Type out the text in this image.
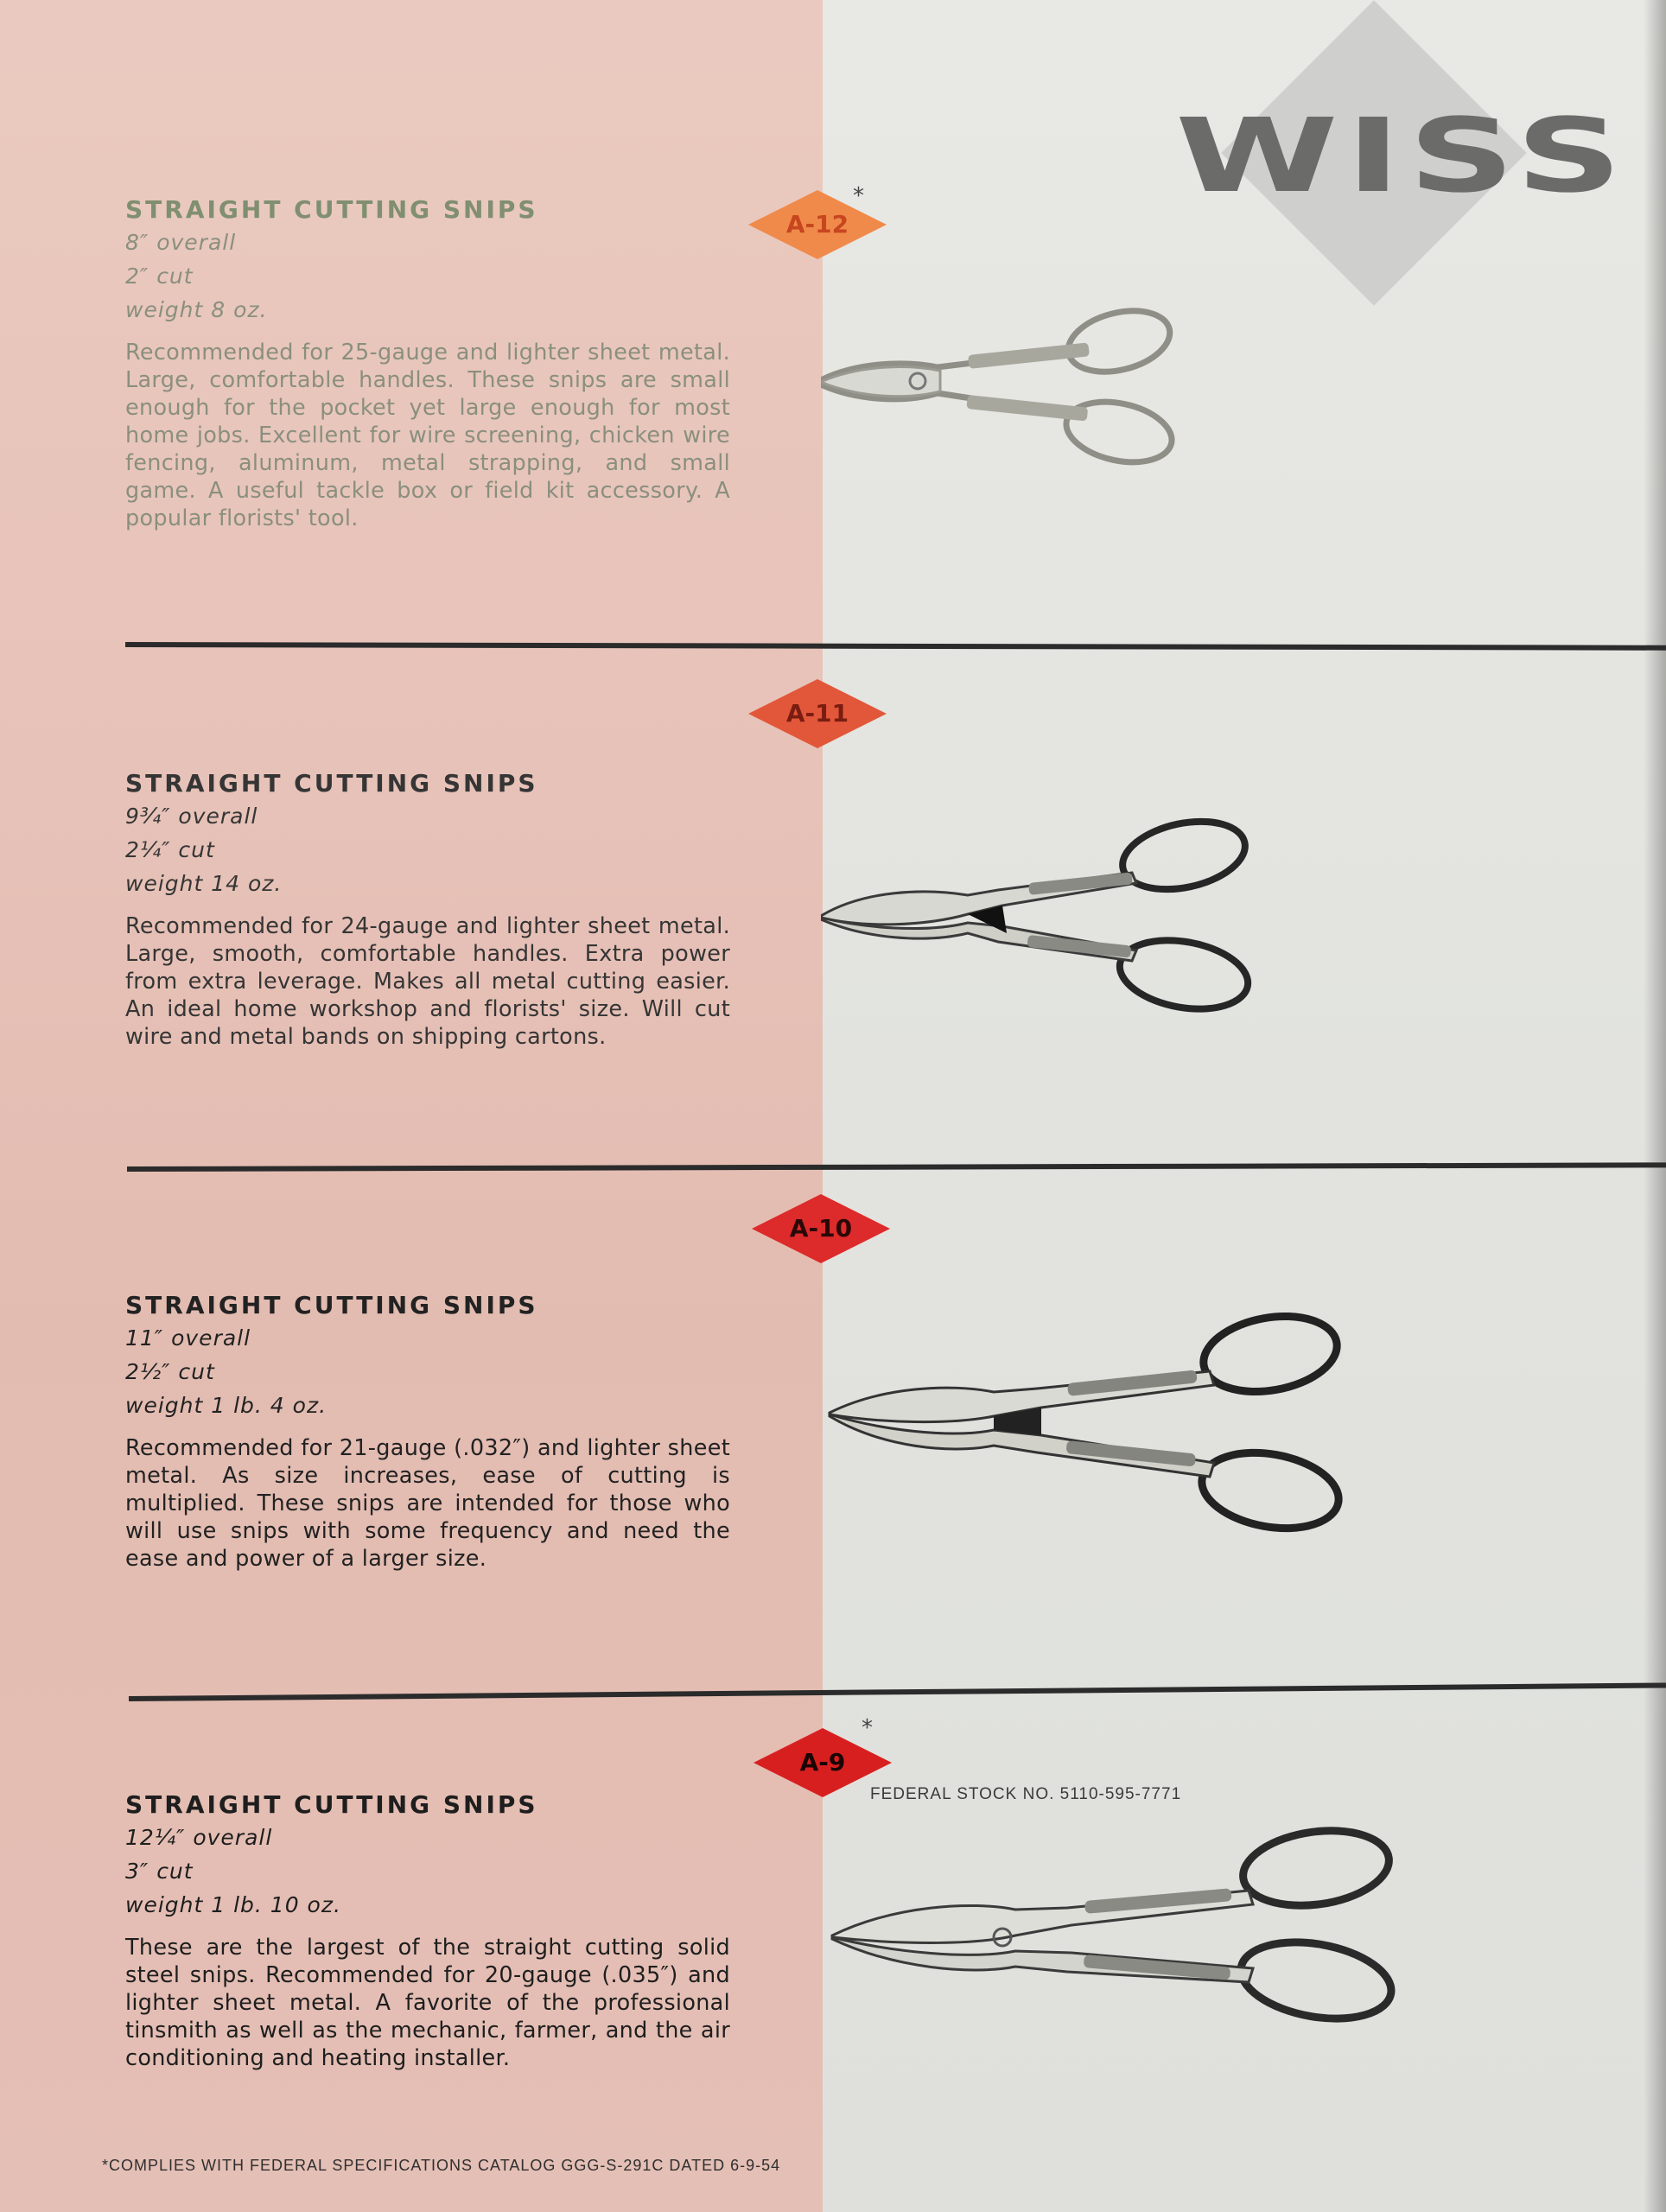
WISS
A-12
*
A-11
A-10
A-9
*
STRAIGHT CUTTING SNIPS
8″ overall
2″ cut
weight 8 oz.
Recommended for 25-gauge and lighter sheet metal. Large, comfortable handles. These snips are small enough for the pocket yet large enough for most home jobs. Excellent for wire screening, chicken wire fencing, aluminum, metal strapping, and small game. A useful tackle box or field kit accessory. A popular florists' tool.
STRAIGHT CUTTING SNIPS
9¾″ overall
2¼″ cut
weight 14 oz.
Recommended for 24-gauge and lighter sheet metal. Large, smooth, comfortable handles. Extra power from extra leverage. Makes all metal cutting easier. An ideal home workshop and florists' size. Will cut wire and metal bands on shipping cartons.
STRAIGHT CUTTING SNIPS
11″ overall
2½″ cut
weight 1 lb. 4 oz.
Recommended for 21-gauge (.032″) and lighter sheet metal. As size increases, ease of cutting is multiplied. These snips are intended for those who will use snips with some frequency and need the ease and power of a larger size.
STRAIGHT CUTTING SNIPS
12¼″ overall
3″ cut
weight 1 lb. 10 oz.
These are the largest of the straight cutting solid steel snips. Recommended for 20-gauge (.035″) and lighter sheet metal. A favorite of the professional tinsmith as well as the mechanic, farmer, and the air conditioning and heating installer.
FEDERAL STOCK NO. 5110-595-7771
*COMPLIES WITH FEDERAL SPECIFICATIONS CATALOG GGG-S-291C DATED 6-9-54
